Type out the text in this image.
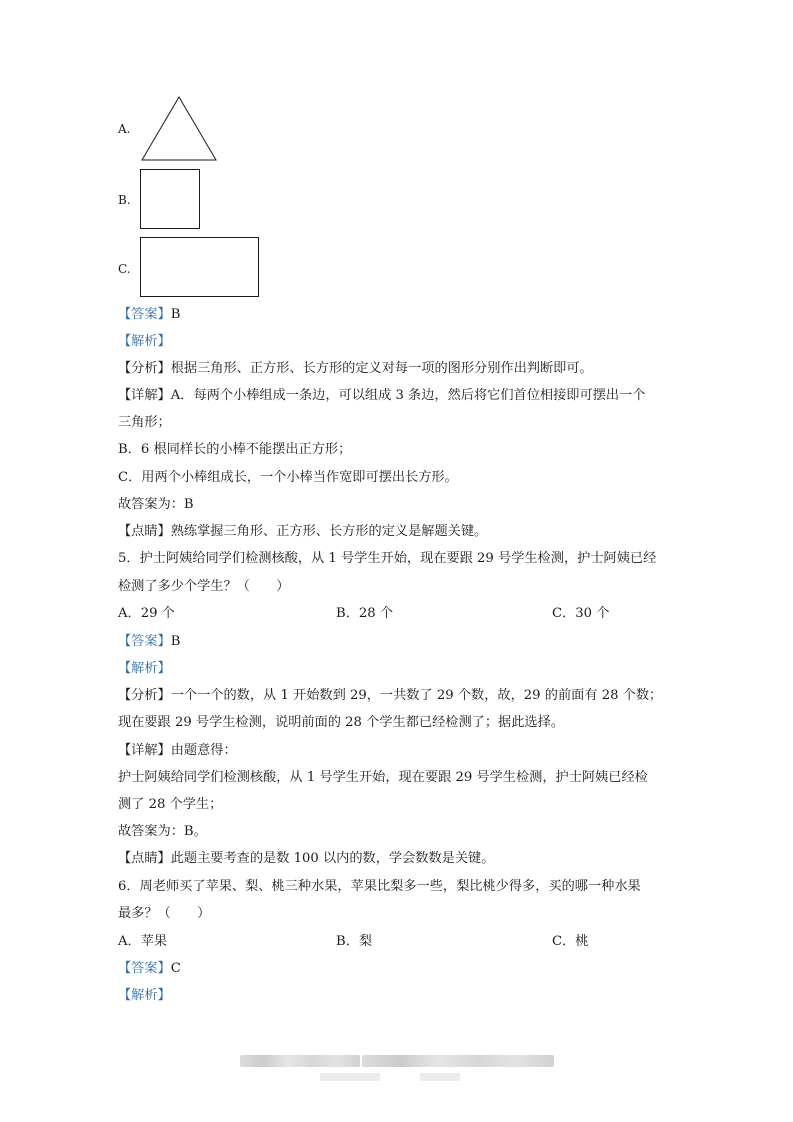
A.
B.
C.
【答案】B
【解析】
【分析】根据三角形、正方形、长方形的定义对每一项的图形分别作出判断即可。
【详解】A．每两个小棒组成一条边，可以组成 3 条边，然后将它们首位相接即可摆出一个
三角形；
B．6 根同样长的小棒不能摆出正方形；
C．用两个小棒组成长，一个小棒当作宽即可摆出长方形。
故答案为：B
【点睛】熟练掌握三角形、正方形、长方形的定义是解题关键。
5．护士阿姨给同学们检测核酸，从 1 号学生开始，现在要跟 29 号学生检测，护士阿姨已经
检测了多少个学生？（　　）
A．29 个	B．28 个	C．30 个
【答案】B
【解析】
【分析】一个一个的数，从 1 开始数到 29，一共数了 29 个数，故，29 的前面有 28 个数；
现在要跟 29 号学生检测，说明前面的 28 个学生都已经检测了；据此选择。
【详解】由题意得：
护士阿姨给同学们检测核酸，从 1 号学生开始，现在要跟 29 号学生检测，护士阿姨已经检
测了 28 个学生；
故答案为：B。
【点睛】此题主要考查的是数 100 以内的数，学会数数是关键。
6．周老师买了苹果、梨、桃三种水果，苹果比梨多一些，梨比桃少得多，买的哪一种水果
最多？（　　）
A．苹果	B．梨	C．桃
【答案】C
【解析】
